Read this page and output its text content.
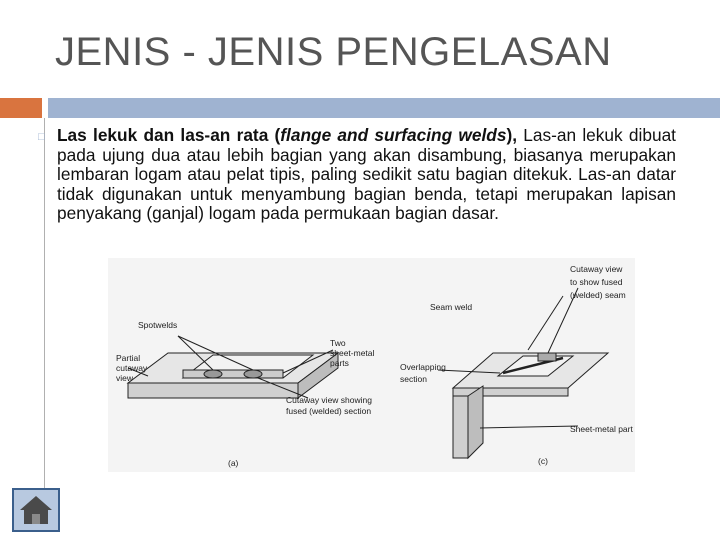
JENIS - JENIS PENGELASAN
□ Las lekuk dan las-an rata (flange and surfacing welds), Las-an lekuk dibuat pada ujung dua atau lebih bagian yang akan disambung, biasanya merupakan lembaran logam atau pelat tipis, paling sedikit satu bagian ditekuk. Las-an datar tidak digunakan untuk menyambung bagian benda, tetapi merupakan lapisan penyakang (ganjal) logam pada permukaan bagian dasar.
Spotwelds
Partial
cutaway
view
Two
sheet-metal
parts
Cutaway view showing
fused (welded) section
(a)
Cutaway view
to show fused
(welded) seam
Seam weld
Overlapping
section
Sheet-metal part
(c)
